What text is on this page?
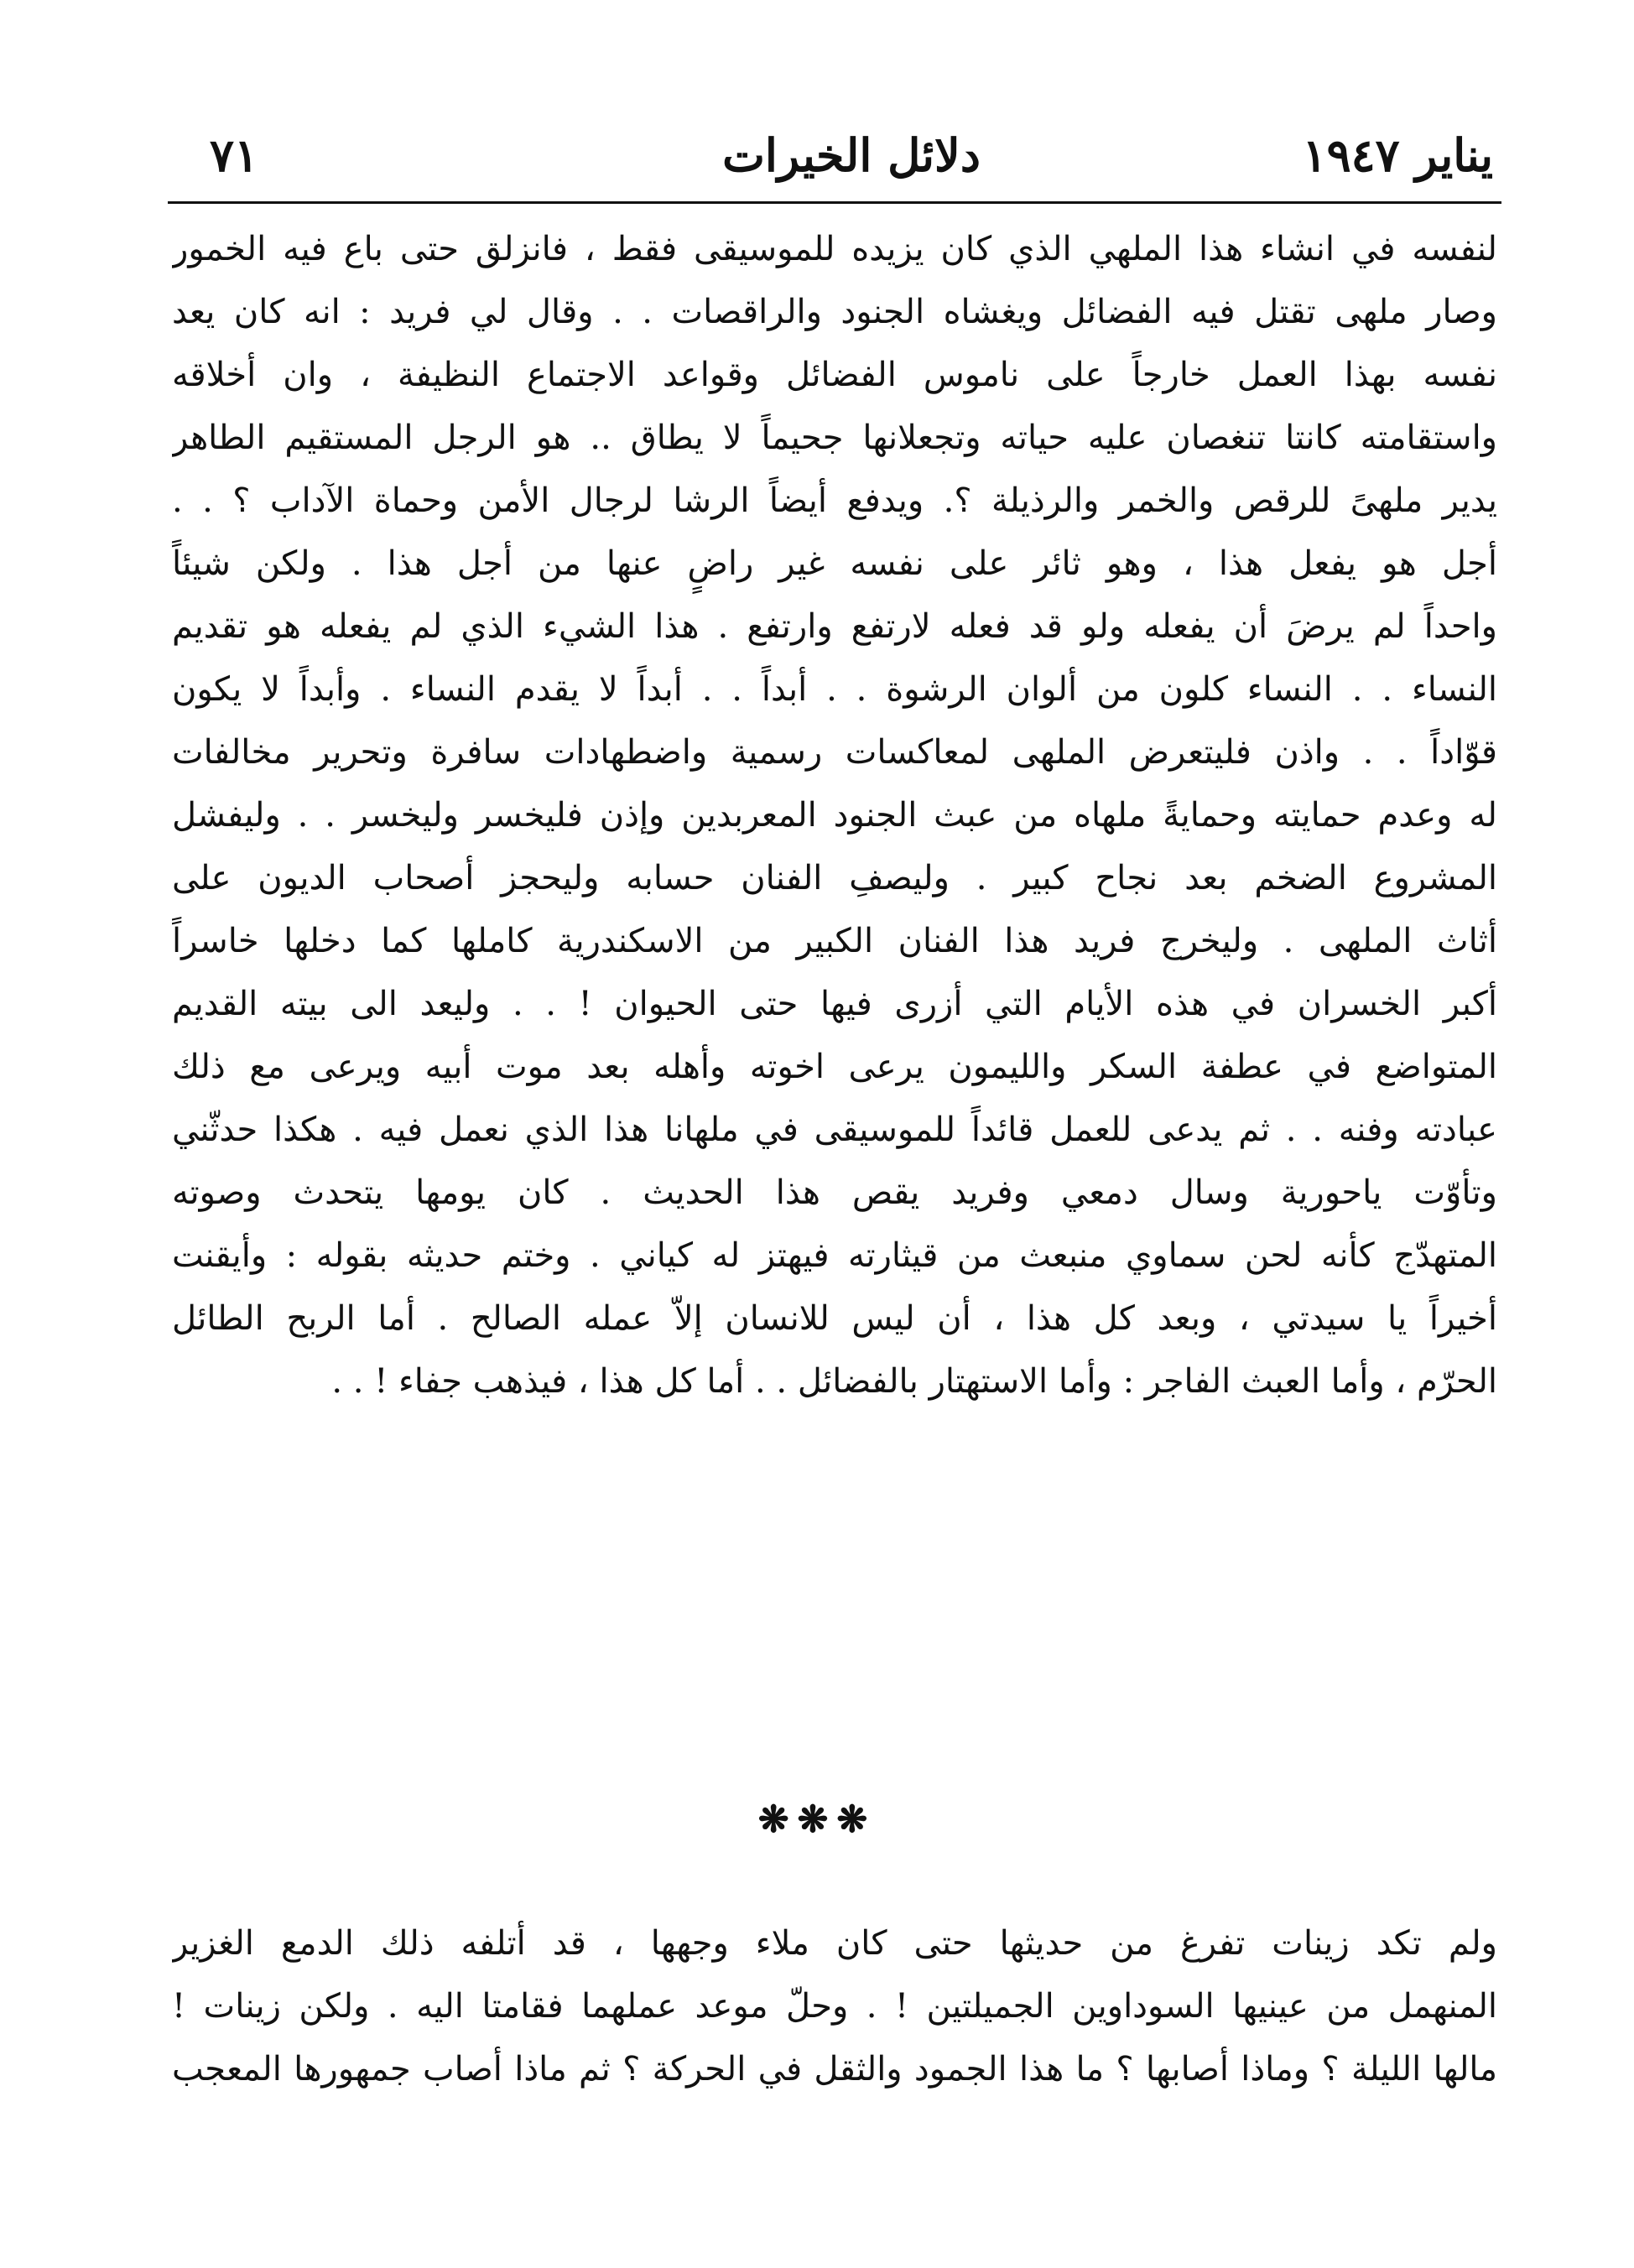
يناير ١٩٤٧
دلائل الخيرات
٧١
لنفسه في انشاء هذا الملهي الذي كان يزيده للموسيقى فقط ، فانزلق حتى باع فيه الخمور
وصار ملهى تقتل فيه الفضائل ويغشاه الجنود والراقصات . . وقال لي فريد : انه كان يعد
نفسه بهذا العمل خارجاً على ناموس الفضائل وقواعد الاجتماع النظيفة ، وان أخلاقه
واستقامته كانتا تنغصان عليه حياته وتجعلانها جحيماً لا يطاق .. هو الرجل المستقيم الطاهر
يدير ملهىً للرقص والخمر والرذيلة ؟. ويدفع أيضاً الرشا لرجال الأمن وحماة الآداب ؟ . .
أجل هو يفعل هذا ، وهو ثائر على نفسه غير راضٍ عنها من أجل هذا . ولكن شيئاً
واحداً لم يرضَ أن يفعله ولو قد فعله لارتفع وارتفع . هذا الشيء الذي لم يفعله هو تقديم
النساء . . النساء كلون من ألوان الرشوة . . أبداً . . أبداً لا يقدم النساء . وأبداً لا يكون
قوّاداً . . واذن فليتعرض الملهى لمعاكسات رسمية واضطهادات سافرة وتحرير مخالفات
له وعدم حمايته وحمايةً ملهاه من عبث الجنود المعربدين وإذن فليخسر وليخسر . . وليفشل
المشروع الضخم بعد نجاح كبير . وليصفِ الفنان حسابه وليحجز أصحاب الديون على
أثاث الملهى . وليخرج فريد هذا الفنان الكبير من الاسكندرية كاملها كما دخلها خاسراً
أكبر الخسران في هذه الأيام التي أزرى فيها حتى الحيوان ! . . وليعد الى بيته القديم
المتواضع في عطفة السكر والليمون يرعى اخوته وأهله بعد موت أبيه ويرعى مع ذلك
عبادته وفنه . . ثم يدعى للعمل قائداً للموسيقى في ملهانا هذا الذي نعمل فيه . هكذا حدثّني
وتأوّت ياحورية وسال دمعي وفريد يقص هذا الحديث . كان يومها يتحدث وصوته
المتهدّج كأنه لحن سماوي منبعث من قيثارته فيهتز له كياني . وختم حديثه بقوله : وأيقنت
أخيراً يا سيدتي ، وبعد كل هذا ، أن ليس للانسان إلاّ عمله الصالح . أما الربح الطائل
الحرّم ، وأما العبث الفاجر : وأما الاستهتار بالفضائل . . أما كل هذا ، فيذهب جفاء ! . .
❋❋❋
ولم تكد زينات تفرغ من حديثها حتى كان ملاء وجهها ، قد أتلفه ذلك الدمع الغزير
المنهمل من عينيها السوداوين الجميلتين ! . وحلّ موعد عملهما فقامتا اليه . ولكن زينات !
مالها الليلة ؟ وماذا أصابها ؟ ما هذا الجمود والثقل في الحركة ؟ ثم ماذا أصاب جمهورها المعجب
